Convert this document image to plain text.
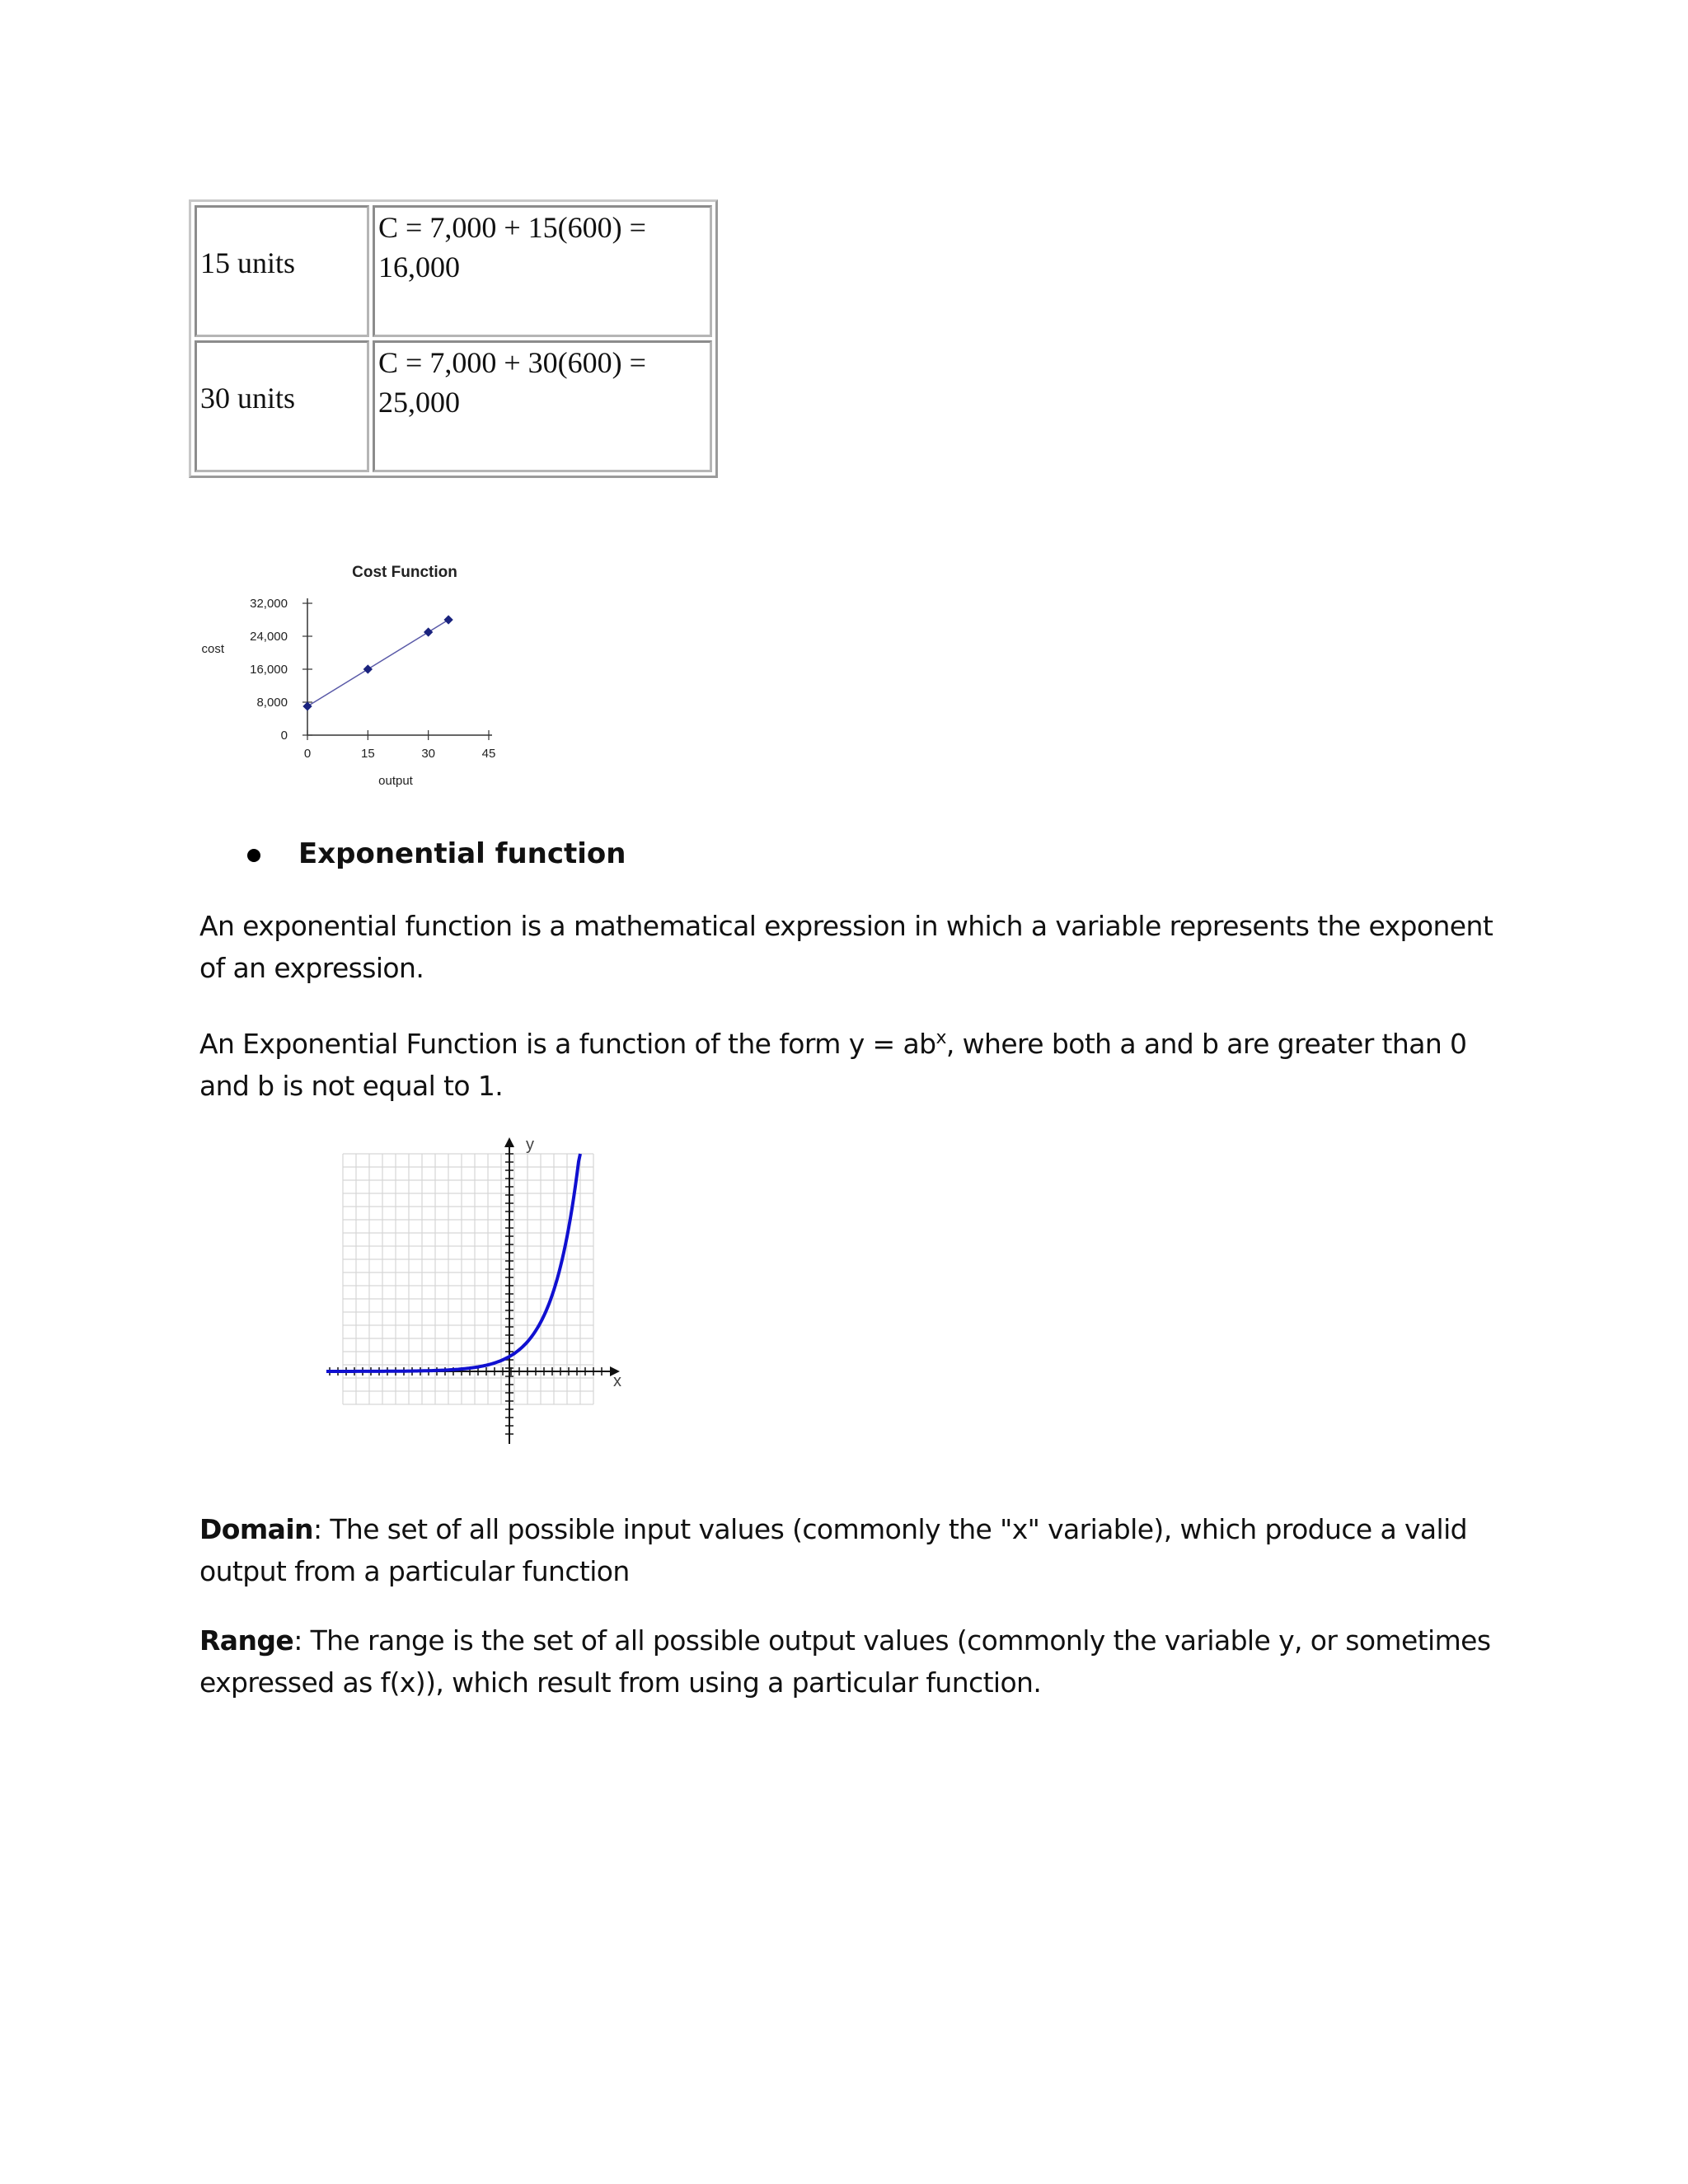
15 units	C = 7,000 + 15(600) =
16,000

30 units	C = 7,000 + 30(600) =
25,000
Cost Function
cost
output
32,000
24,000
16,000
8,000
0
0	15	30	45
Exponential function
An exponential function is a mathematical expression in which a variable represents the exponent of an expression.
An Exponential Function is a function of the form $y = ab^x$, where both a and b are greater than 0 and b is not equal to 1.
y
x
Domain: The set of all possible input values (commonly the "x" variable), which produce a valid output from a particular function
Range: The range is the set of all possible output values (commonly the variable y, or sometimes expressed as f(x)), which result from using a particular function.
